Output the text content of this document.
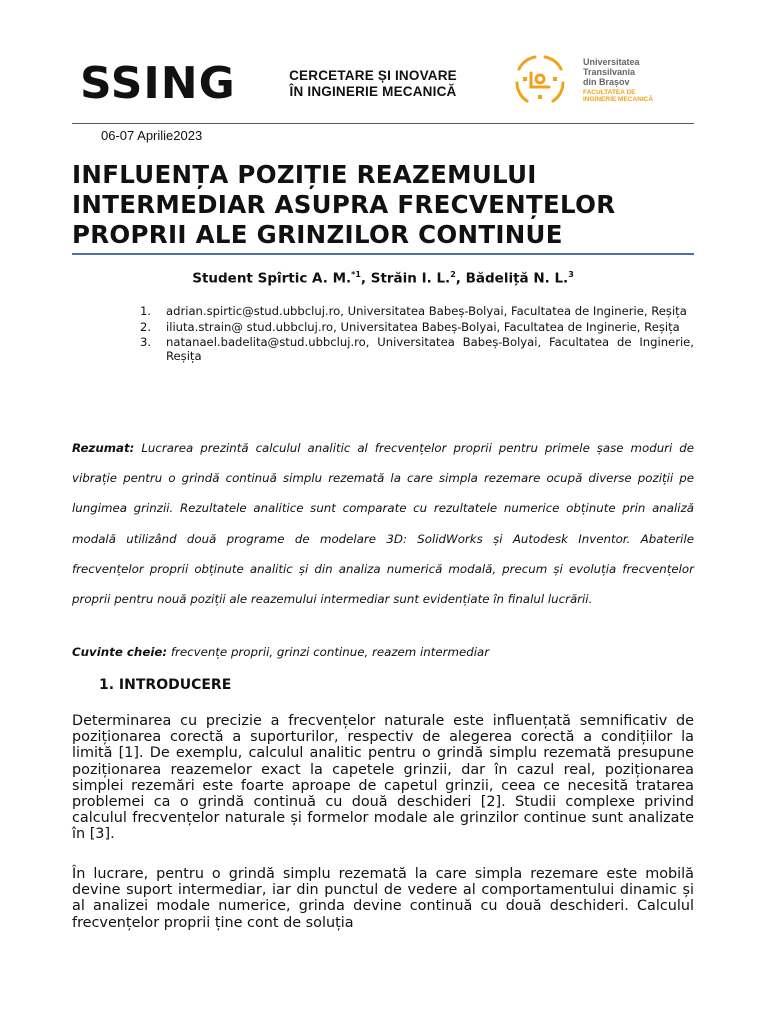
SSING	CERCETARE ȘI INOVARE
ÎN INGINERIE MECANICĂ
Universitatea
Transilvania
din Brașov
FACULTATEA DE
INGINERIE MECANICĂ
06-07 Aprilie2023
INFLUENȚA POZIȚIE REAZEMULUI INTERMEDIAR ASUPRA FRECVENȚELOR PROPRII ALE GRINZILOR CONTINUE
Student Spîrtic A. M.$^{*1}$, Străin I. L.$^2$, Bădeliță N. L.$^3$
1.	adrian.spirtic@stud.ubbcluj.ro, Universitatea Babeș-Bolyai, Facultatea de Inginerie, Reșița
2.	iliuta.strain@ stud.ubbcluj.ro, Universitatea Babeș-Bolyai, Facultatea de Inginerie, Reșița
3.	natanael.badelita@stud.ubbcluj.ro, Universitatea Babeș-Bolyai, Facultatea de Inginerie, Reșița
Rezumat: Lucrarea prezintă calculul analitic al frecvențelor proprii pentru primele șase moduri de vibrație pentru o grindă continuă simplu rezemată la care simpla rezemare ocupă diverse poziții pe lungimea grinzii. Rezultatele analitice sunt comparate cu rezultatele numerice obținute prin analiză modală utilizând două programe de modelare 3D: SolidWorks și Autodesk Inventor. Abaterile frecvențelor proprii obținute analitic și din analiza numerică modală, precum și evoluția frecvențelor proprii pentru nouă poziții ale reazemului intermediar sunt evidențiate în finalul lucrării.
Cuvinte cheie: frecvențe proprii, grinzi continue, reazem intermediar
1. INTRODUCERE
Determinarea cu precizie a frecvențelor naturale este influențată semnificativ de poziționarea corectă a suporturilor, respectiv de alegerea corectă a condițiilor la limită [1]. De exemplu, calculul analitic pentru o grindă simplu rezemată presupune poziționarea reazemelor exact la capetele grinzii, dar în cazul real, poziționarea simplei rezemări este foarte aproape de capetul grinzii, ceea ce necesită tratarea problemei ca o grindă continuă cu două deschideri [2]. Studii complexe privind calculul frecvențelor naturale și formelor modale ale grinzilor continue sunt analizate în [3].
În lucrare, pentru o grindă simplu rezemată la care simpla rezemare este mobilă devine suport intermediar, iar din punctul de vedere al comportamentului dinamic și al analizei modale numerice, grinda devine continuă cu două deschideri. Calculul frecvențelor proprii ține cont de soluția
